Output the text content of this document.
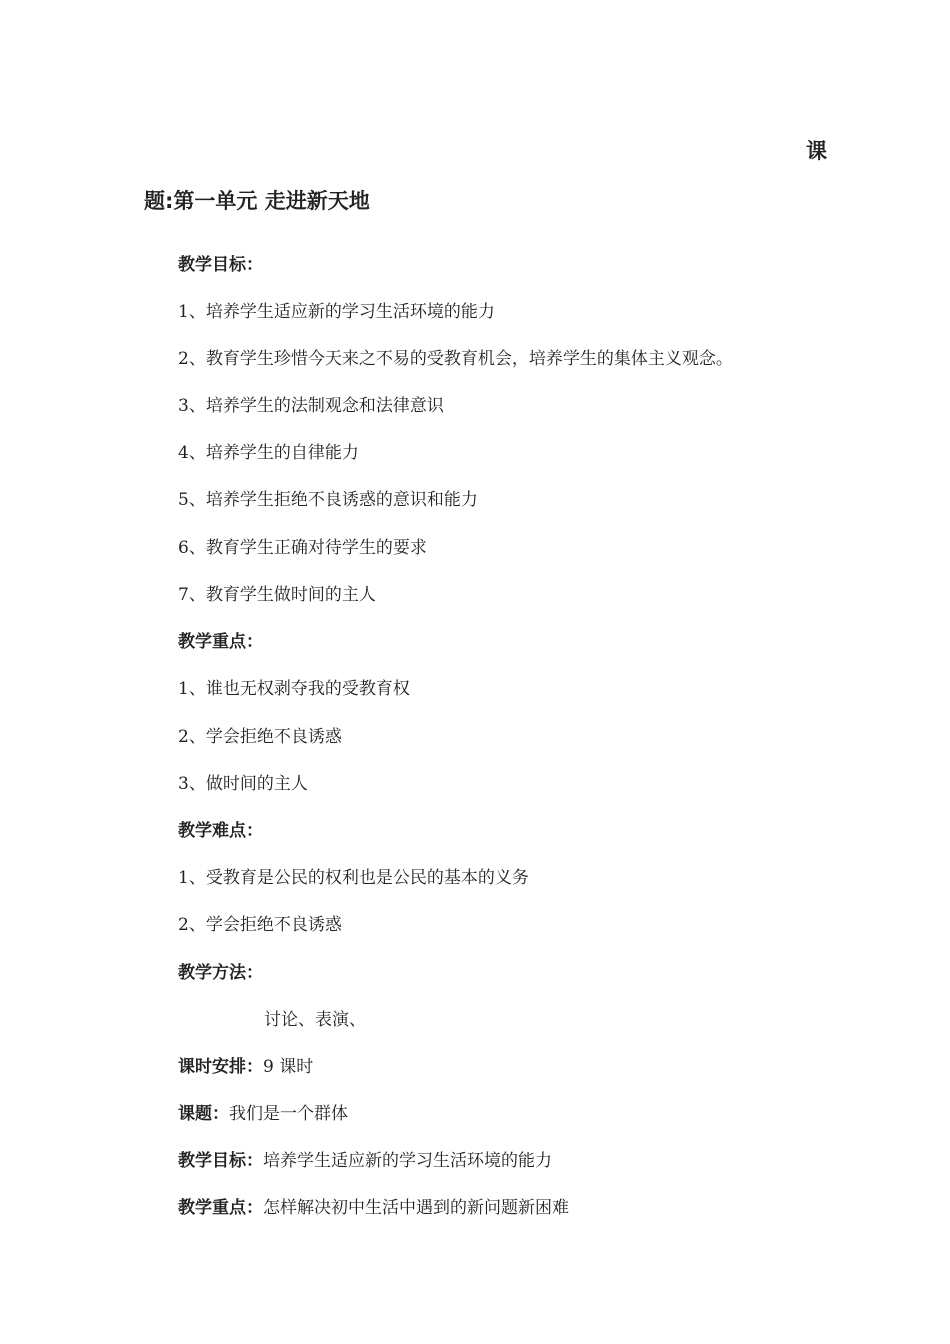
课
题:第一单元 走进新天地
教学目标：
1、培养学生适应新的学习生活环境的能力
2、教育学生珍惜今天来之不易的受教育机会，培养学生的集体主义观念。
3、培养学生的法制观念和法律意识
4、培养学生的自律能力
5、培养学生拒绝不良诱惑的意识和能力
6、教育学生正确对待学生的要求
7、教育学生做时间的主人
教学重点：
1、谁也无权剥夺我的受教育权
2、学会拒绝不良诱惑
3、做时间的主人
教学难点：
1、受教育是公民的权利也是公民的基本的义务
2、学会拒绝不良诱惑
教学方法：
讨论、表演、
课时安排：9 课时
课题：我们是一个群体
教学目标：培养学生适应新的学习生活环境的能力
教学重点：怎样解决初中生活中遇到的新问题新困难
